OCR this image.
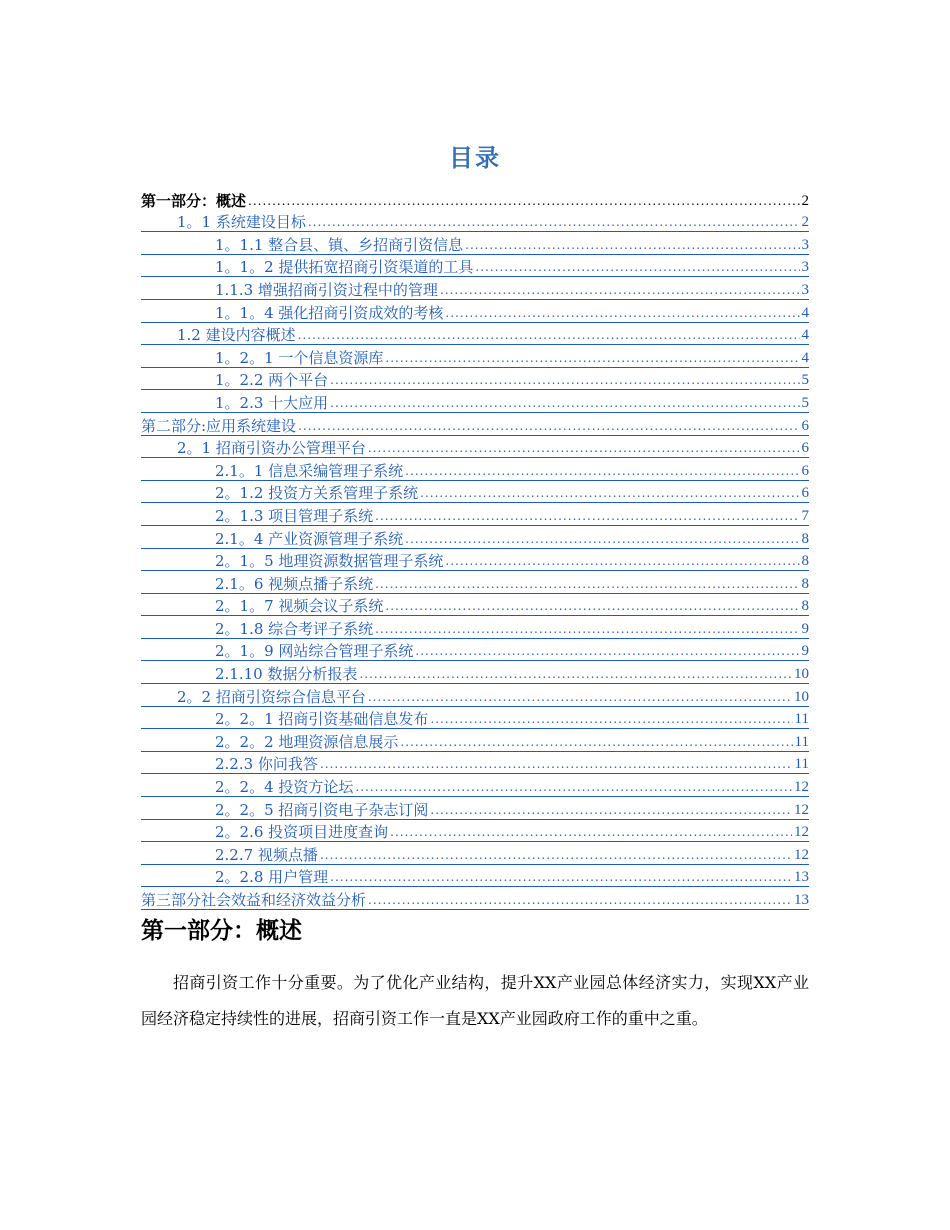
目录
第一部分：概述 .....	2
1。1 系统建设目标 .....	2
1。1.1 整合县、镇、乡招商引资信息 .....	3
1。1。2 提供拓宽招商引资渠道的工具 .....	3
1.1.3 增强招商引资过程中的管理 .....	3
1。1。4 强化招商引资成效的考核 .....	4
1.2 建设内容概述 .....	4
1。2。1 一个信息资源库 .....	4
1。2.2 两个平台 .....	5
1。2.3 十大应用 .....	5
第二部分:应用系统建设 .....	6
2。1 招商引资办公管理平台 .....	6
2.1。1 信息采编管理子系统 .....	6
2。1.2 投资方关系管理子系统 .....	6
2。1.3 项目管理子系统 .....	7
2.1。4 产业资源管理子系统 .....	8
2。1。5 地理资源数据管理子系统 .....	8
2.1。6 视频点播子系统 .....	8
2。1。7 视频会议子系统 .....	8
2。1.8 综合考评子系统 .....	9
2。1。9 网站综合管理子系统 .....	9
2.1.10 数据分析报表 .....	10
2。2 招商引资综合信息平台 .....	10
2。2。1 招商引资基础信息发布 .....	11
2。2。2 地理资源信息展示 .....	11
2.2.3 你问我答 .....	11
2。2。4 投资方论坛 .....	12
2。2。5 招商引资电子杂志订阅 .....	12
2。2.6 投资项目进度查询 .....	12
2.2.7 视频点播 .....	12
2。2.8 用户管理 .....	13
第三部分社会效益和经济效益分析 .....	13
第一部分：概述

招商引资工作十分重要。为了优化产业结构，提升XX产业园总体经济实力，实现XX产业园经济稳定持续性的进展，招商引资工作一直是XX产业园政府工作的重中之重。
